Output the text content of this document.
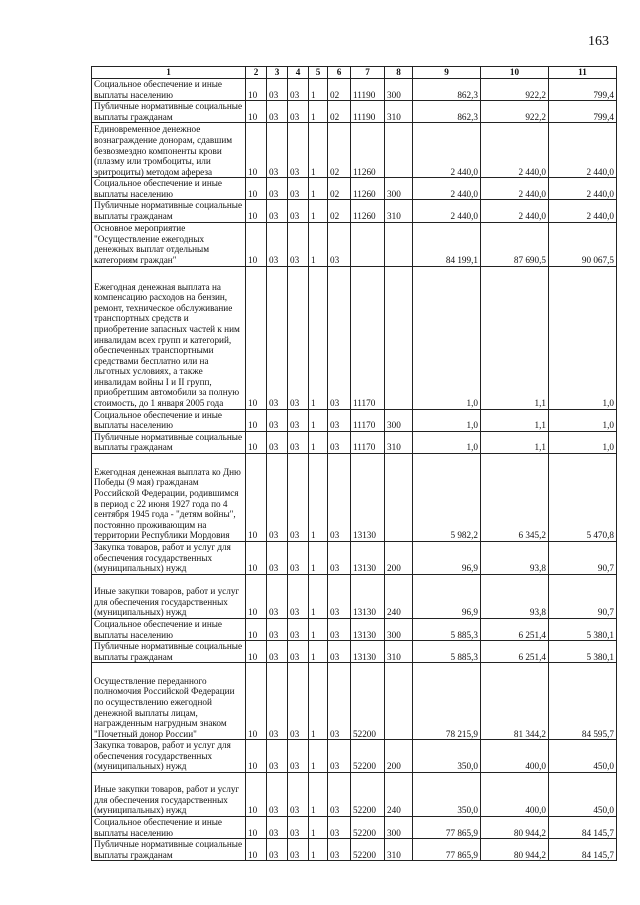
163
1	2	3	4	5	6	7	8	9	10	11
Социальное обеспечение и иные выплаты населению	10	03	03	1	02	11190	300	862,3	922,2	799,4
Публичные нормативные социальные выплаты гражданам	10	03	03	1	02	11190	310	862,3	922,2	799,4
Единовременное денежное вознаграждение донорам, сдавшим безвозмездно компоненты крови (плазму или тромбоциты, или эритроциты) методом афереза	10	03	03	1	02	11260		2 440,0	2 440,0	2 440,0
Социальное обеспечение и иные выплаты населению	10	03	03	1	02	11260	300	2 440,0	2 440,0	2 440,0
Публичные нормативные социальные выплаты гражданам	10	03	03	1	02	11260	310	2 440,0	2 440,0	2 440,0
Основное мероприятие "Осуществление ежегодных денежных выплат отдельным категориям граждан"	10	03	03	1	03			84 199,1	87 690,5	90 067,5
Ежегодная денежная выплата на компенсацию расходов на бензин, ремонт, техническое обслуживание транспортных средств и приобретение запасных частей к ним инвалидам всех групп и категорий, обеспеченных транспортными средствами бесплатно или на льготных условиях, а также инвалидам войны I и II групп, приобретшим автомобили за полную стоимость, до 1 января 2005 года	10	03	03	1	03	11170		1,0	1,1	1,0
Социальное обеспечение и иные выплаты населению	10	03	03	1	03	11170	300	1,0	1,1	1,0
Публичные нормативные социальные выплаты гражданам	10	03	03	1	03	11170	310	1,0	1,1	1,0
Ежегодная денежная выплата ко Дню Победы (9 мая) гражданам Российской Федерации, родившимся в период с 22 июня 1927 года по 4 сентября 1945 года - "детям войны", постоянно проживающим на территории Республики Мордовия	10	03	03	1	03	13130		5 982,2	6 345,2	5 470,8
Закупка товаров, работ и услуг для обеспечения государственных (муниципальных) нужд	10	03	03	1	03	13130	200	96,9	93,8	90,7
Иные закупки товаров, работ и услуг для обеспечения государственных (муниципальных) нужд	10	03	03	1	03	13130	240	96,9	93,8	90,7
Социальное обеспечение и иные выплаты населению	10	03	03	1	03	13130	300	5 885,3	6 251,4	5 380,1
Публичные нормативные социальные выплаты гражданам	10	03	03	1	03	13130	310	5 885,3	6 251,4	5 380,1
Осуществление переданного полномочия Российской Федерации по осуществлению ежегодной денежной выплаты лицам, награжденным нагрудным знаком "Почетный донор России"	10	03	03	1	03	52200		78 215,9	81 344,2	84 595,7
Закупка товаров, работ и услуг для обеспечения государственных (муниципальных) нужд	10	03	03	1	03	52200	200	350,0	400,0	450,0
Иные закупки товаров, работ и услуг для обеспечения государственных (муниципальных) нужд	10	03	03	1	03	52200	240	350,0	400,0	450,0
Социальное обеспечение и иные выплаты населению	10	03	03	1	03	52200	300	77 865,9	80 944,2	84 145,7
Публичные нормативные социальные выплаты гражданам	10	03	03	1	03	52200	310	77 865,9	80 944,2	84 145,7
